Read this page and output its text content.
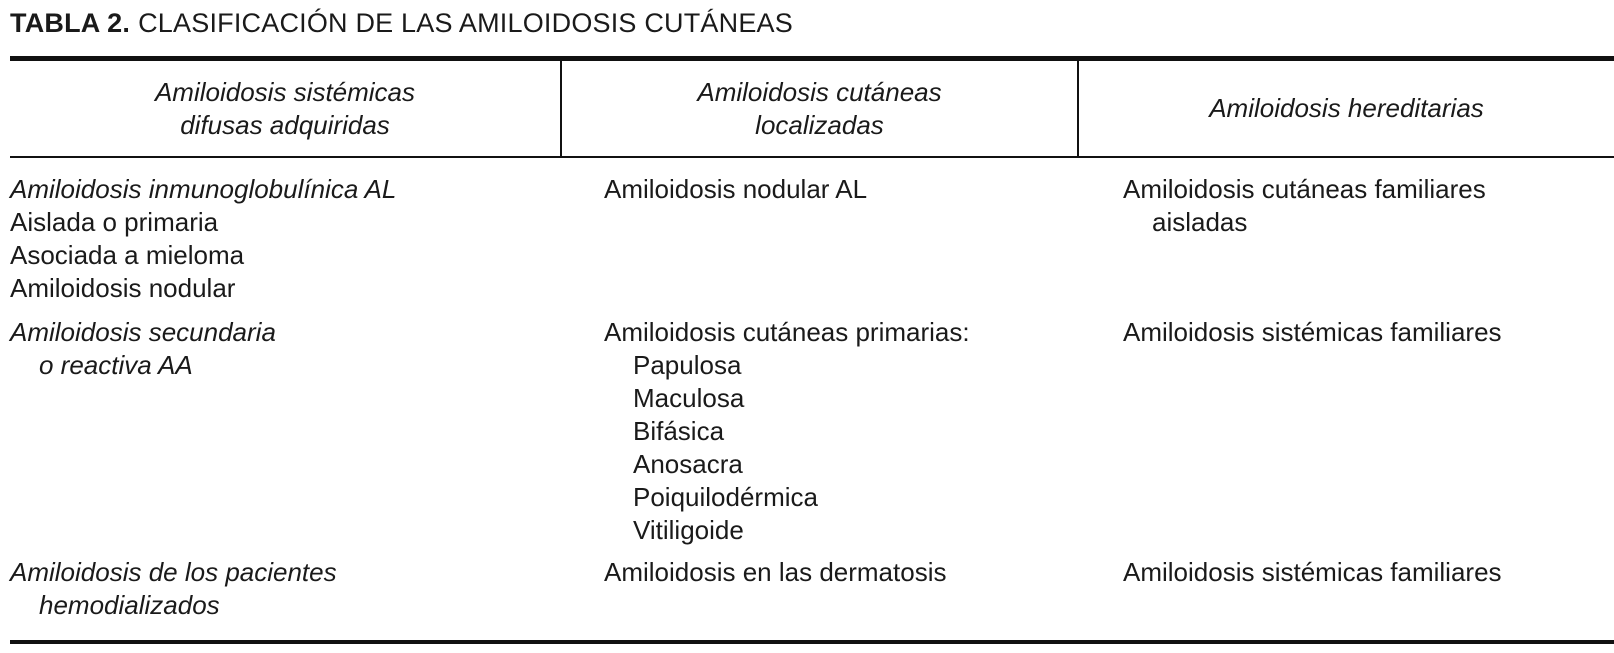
TABLA 2. CLASIFICACIÓN DE LAS AMILOIDOSIS CUTÁNEAS
Amiloidosis sistémicas
difusas adquiridas
Amiloidosis cutáneas
localizadas
Amiloidosis hereditarias
Amiloidosis inmunoglobulínica AL
Aislada o primaria
Asociada a mieloma
Amiloidosis nodular
Amiloidosis nodular AL	Amiloidosis cutáneas familiares
aisladas
Amiloidosis secundaria
o reactiva AA
Amiloidosis cutáneas primarias:
Papulosa
Maculosa
Bifásica
Anosacra
Poiquilodérmica
Vitiligoide
Amiloidosis sistémicas familiares
Amiloidosis de los pacientes
hemodializados
Amiloidosis en las dermatosis	Amiloidosis sistémicas familiares
